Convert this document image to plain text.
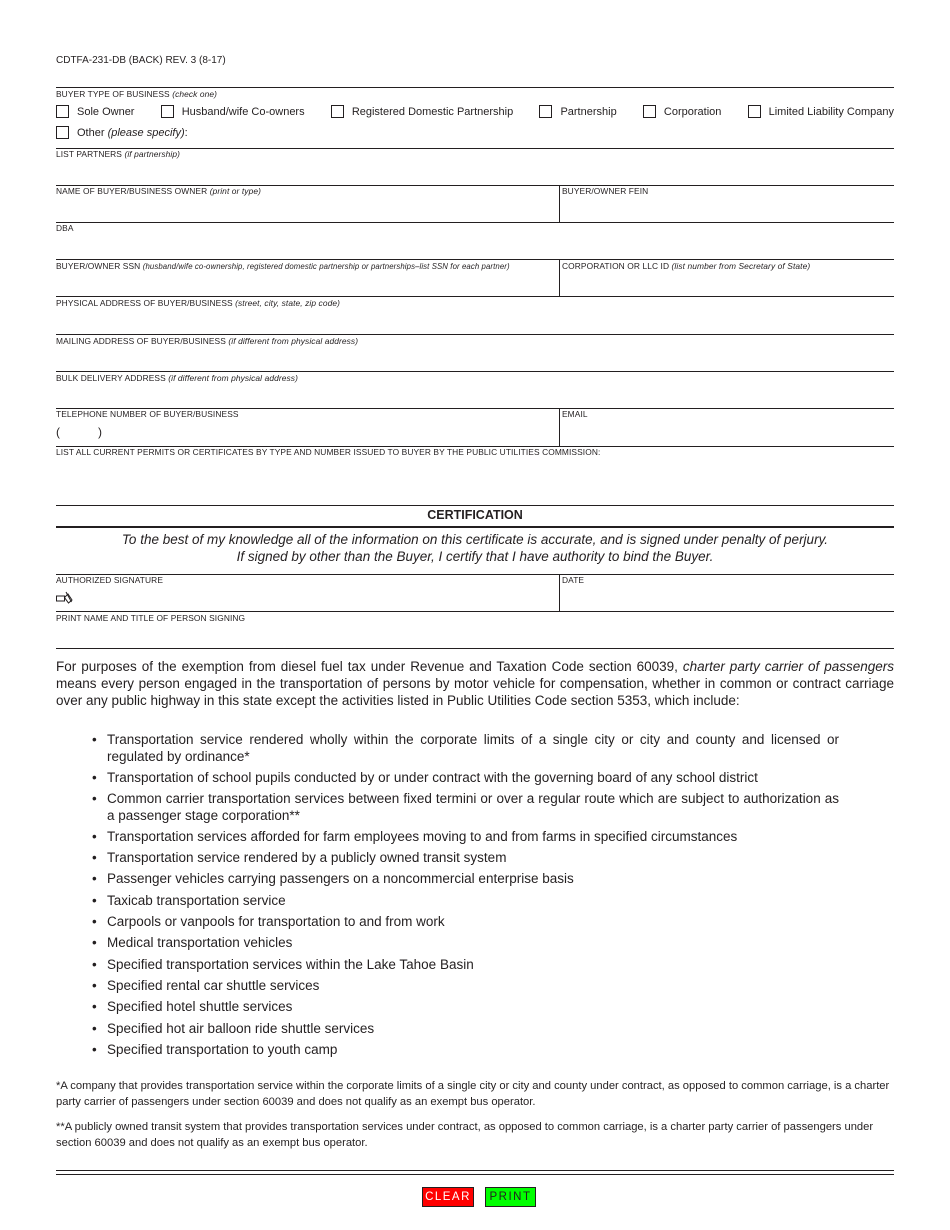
CDTFA-231-DB (BACK) REV. 3 (8-17)
BUYER TYPE OF BUSINESS (check one)
Sole Owner	Husband/wife Co-owners	Registered Domestic Partnership	Partnership	Corporation	Limited Liability Company
Other (please specify):
LIST PARTNERS (if partnership)
NAME OF BUYER/BUSINESS OWNER (print or type)	BUYER/OWNER FEIN
DBA
BUYER/OWNER SSN (husband/wife co-ownership, registered domestic partnership or partnerships–list SSN for each partner)	CORPORATION OR LLC ID (list number from Secretary of State)
PHYSICAL ADDRESS OF BUYER/BUSINESS (street, city, state, zip code)
MAILING ADDRESS OF BUYER/BUSINESS (if different from physical address)
BULK DELIVERY ADDRESS (if different from physical address)
TELEPHONE NUMBER OF BUYER/BUSINESS
(	)
EMAIL
LIST ALL CURRENT PERMITS OR CERTIFICATES BY TYPE AND NUMBER ISSUED TO BUYER BY THE PUBLIC UTILITIES COMMISSION:
CERTIFICATION
To the best of my knowledge all of the information on this certificate is accurate, and is signed under penalty of perjury.
If signed by other than the Buyer, I certify that I have authority to bind the Buyer.
AUTHORIZED SIGNATURE	DATE
PRINT NAME AND TITLE OF PERSON SIGNING
For purposes of the exemption from diesel fuel tax under Revenue and Taxation Code section 60039, charter party carrier of passengers means every person engaged in the transportation of persons by motor vehicle for compensation, whether in common or contract carriage over any public highway in this state except the activities listed in Public Utilities Code section 5353, which include:
• Transportation service rendered wholly within the corporate limits of a single city or city and county and licensed or regulated by ordinance*
• Transportation of school pupils conducted by or under contract with the governing board of any school district
• Common carrier transportation services between fixed termini or over a regular route which are subject to authorization as a passenger stage corporation**
• Transportation services afforded for farm employees moving to and from farms in specified circumstances
• Transportation service rendered by a publicly owned transit system
• Passenger vehicles carrying passengers on a noncommercial enterprise basis
• Taxicab transportation service
• Carpools or vanpools for transportation to and from work
• Medical transportation vehicles
• Specified transportation services within the Lake Tahoe Basin
• Specified rental car shuttle services
• Specified hotel shuttle services
• Specified hot air balloon ride shuttle services
• Specified transportation to youth camp
*A company that provides transportation service within the corporate limits of a single city or city and county under contract, as opposed to common carriage, is a charter party carrier of passengers under section 60039 and does not qualify as an exempt bus operator.
**A publicly owned transit system that provides transportation services under contract, as opposed to common carriage, is a charter party carrier of passengers under section 60039 and does not qualify as an exempt bus operator.
CLEAR	PRINT
